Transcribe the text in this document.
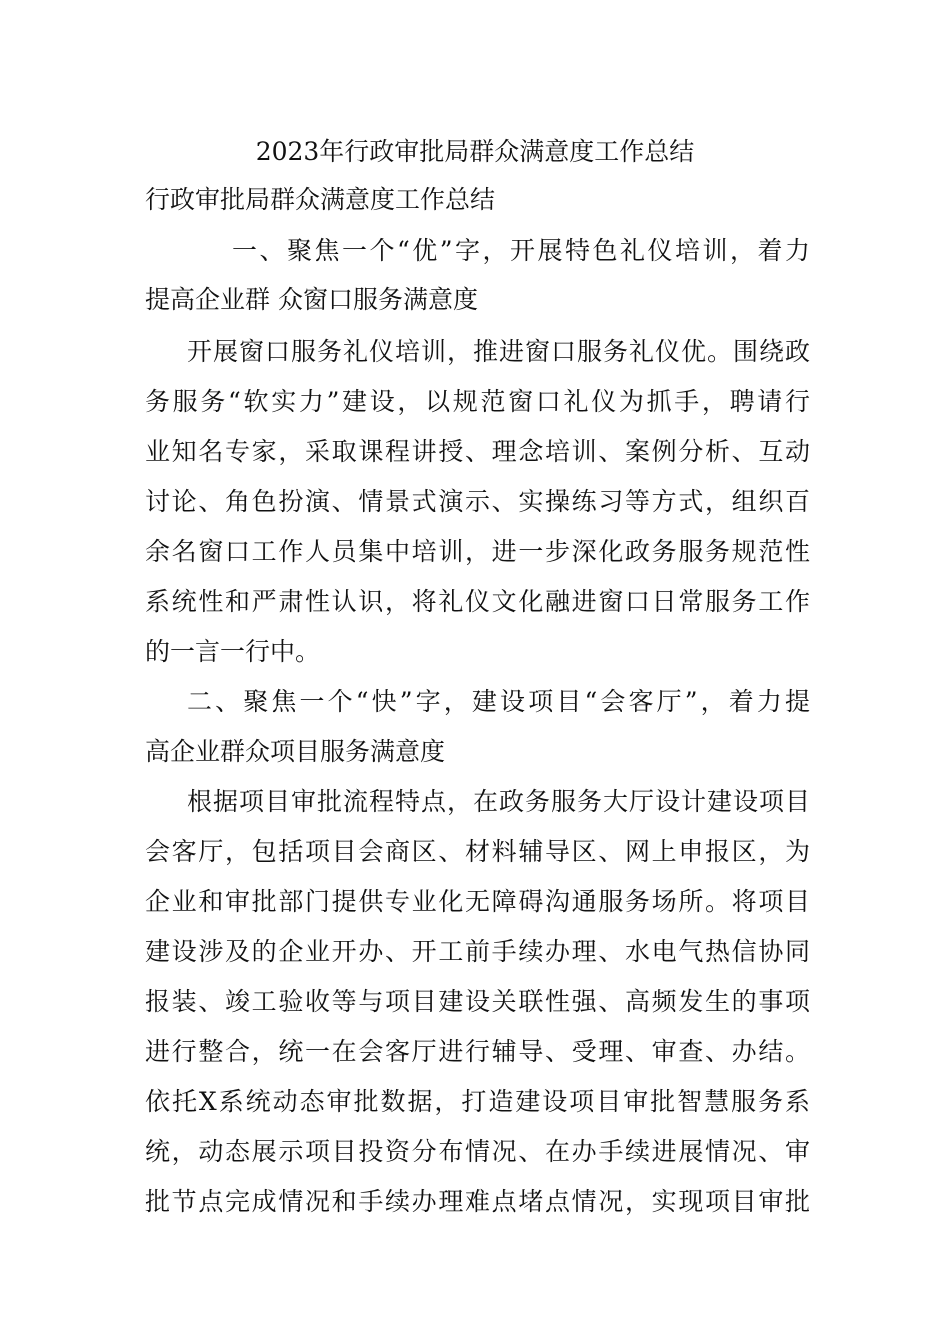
2023年行政审批局群众满意度工作总结
行政审批局群众满意度工作总结
一、聚焦一个“优”字，开展特色礼仪培训，着力
提高企业群 众窗口服务满意度
开展窗口服务礼仪培训，推进窗口服务礼仪优。围绕政
务服务“软实力”建设，以规范窗口礼仪为抓手，聘请行
业知名专家，采取课程讲授、理念培训、案例分析、互动
讨论、角色扮演、情景式演示、实操练习等方式，组织百
余名窗口工作人员集中培训，进一步深化政务服务规范性
系统性和严肃性认识，将礼仪文化融进窗口日常服务工作
的一言一行中。
二、聚焦一个“快”字，建设项目“会客厅”，着力提
高企业群众项目服务满意度
根据项目审批流程特点，在政务服务大厅设计建设项目
会客厅，包括项目会商区、材料辅导区、网上申报区，为
企业和审批部门提供专业化无障碍沟通服务场所。将项目
建设涉及的企业开办、开工前手续办理、水电气热信协同
报装、竣工验收等与项目建设关联性强、高频发生的事项
进行整合，统一在会客厅进行辅导、受理、审查、办结。
依托X系统动态审批数据，打造建设项目审批智慧服务系
统，动态展示项目投资分布情况、在办手续进展情况、审
批节点完成情况和手续办理难点堵点情况，实现项目审批
